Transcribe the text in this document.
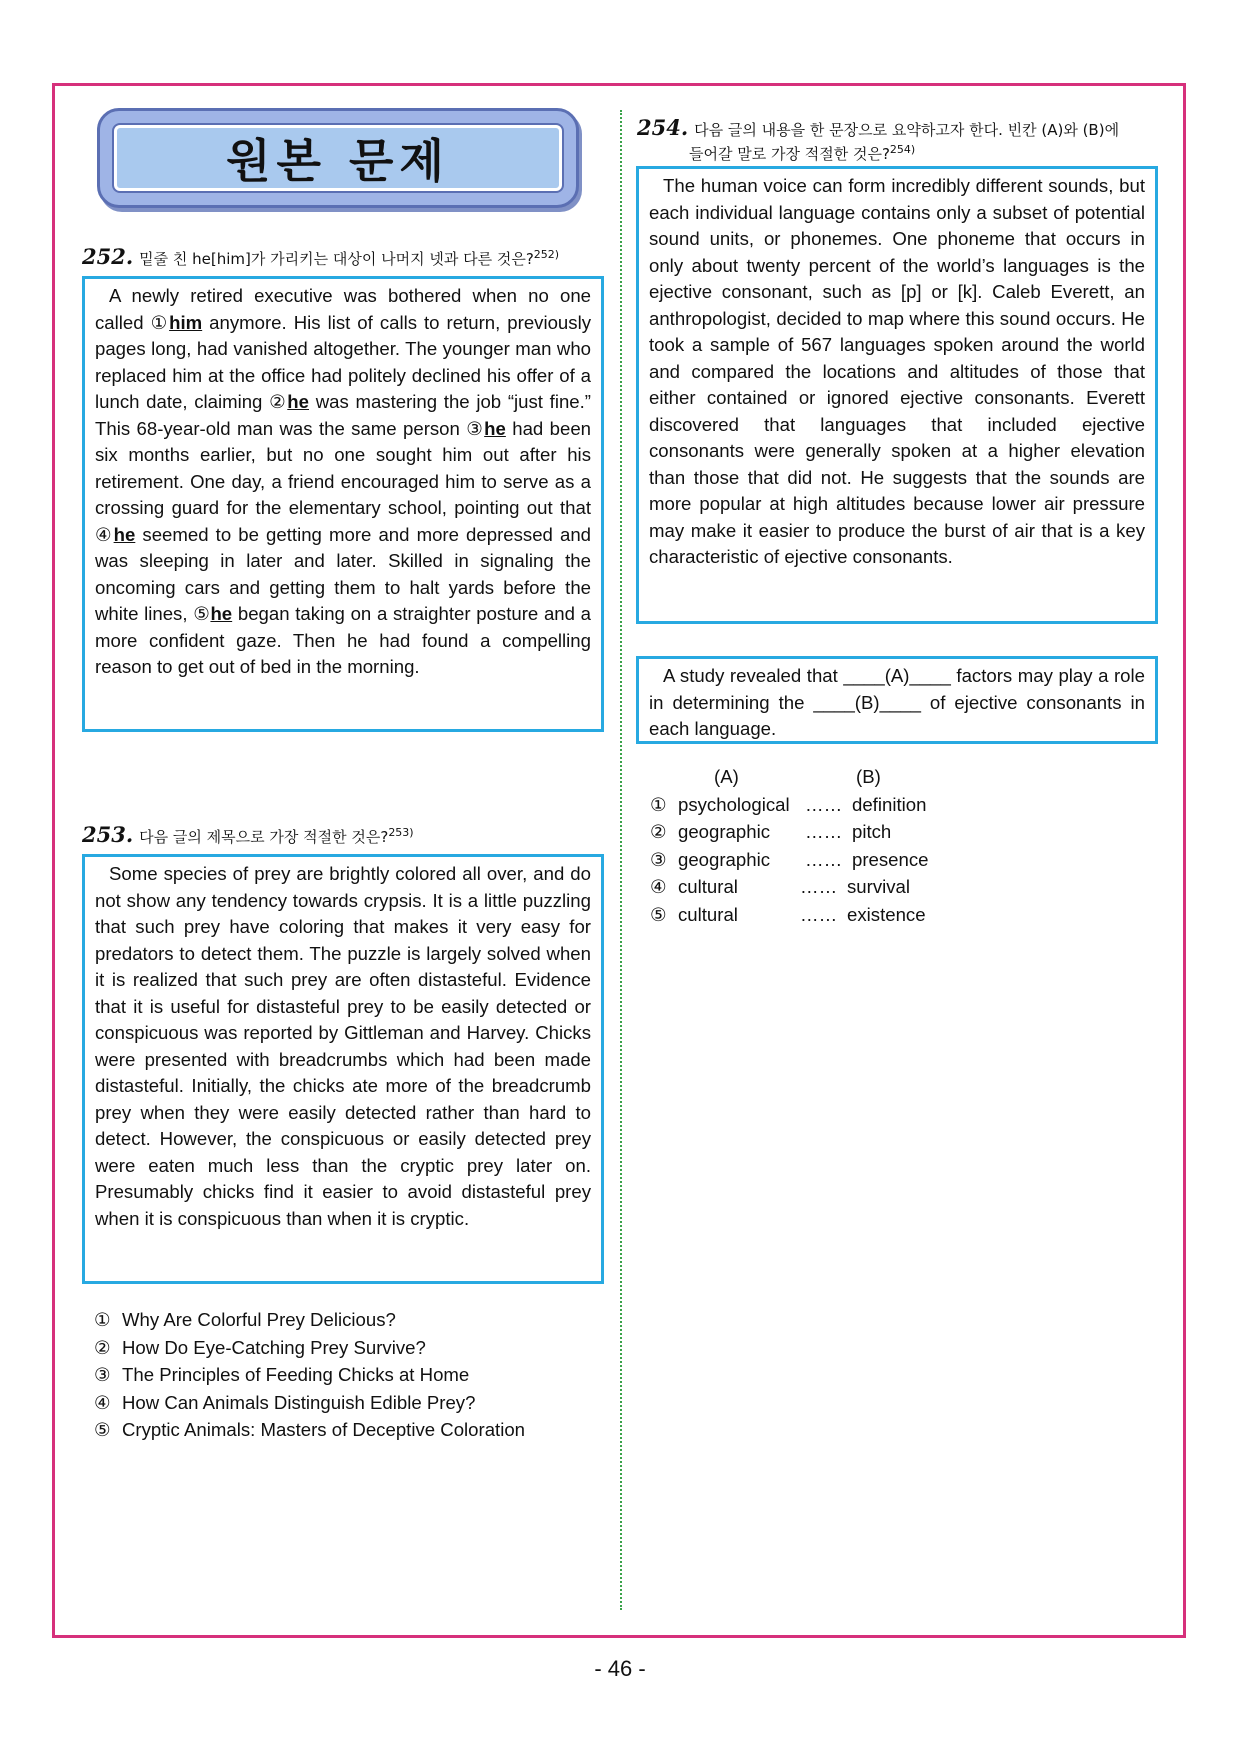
원본 문제
252. 밑줄 친 he[him]가 가리키는 대상이 나머지 넷과 다른 것은?$^{252)}$

A newly retired executive was bothered when no one called ①him anymore. His list of calls to return, previously pages long, had vanished altogether. The younger man who replaced him at the office had politely declined his offer of a lunch date, claiming ②he was mastering the job “just fine.” This 68-year-old man was the same person ③he had been six months earlier, but no one sought him out after his retirement. One day, a friend encouraged him to serve as a crossing guard for the elementary school, pointing out that ④he seemed to be getting more and more depressed and was sleeping in later and later. Skilled in signaling the oncoming cars and getting them to halt yards before the white lines, ⑤he began taking on a straighter posture and a more confident gaze. Then he had found a compelling reason to get out of bed in the morning.

253. 다음 글의 제목으로 가장 적절한 것은?$^{253)}$

Some species of prey are brightly colored all over, and do not show any tendency towards crypsis. It is a little puzzling that such prey have coloring that makes it very easy for predators to detect them. The puzzle is largely solved when it is realized that such prey are often distasteful. Evidence that it is useful for distasteful prey to be easily detected or conspicuous was reported by Gittleman and Harvey. Chicks were presented with breadcrumbs which had been made distasteful. Initially, the chicks ate more of the breadcrumb prey when they were easily detected rather than hard to detect. However, the conspicuous or easily detected prey were eaten much less than the cryptic prey later on. Presumably chicks find it easier to avoid distasteful prey when it is conspicuous than when it is cryptic.

① Why Are Colorful Prey Delicious?
② How Do Eye-Catching Prey Survive?
③ The Principles of Feeding Chicks at Home
④ How Can Animals Distinguish Edible Prey?
⑤ Cryptic Animals: Masters of Deceptive Coloration
254. 다음 글의 내용을 한 문장으로 요약하고자 한다. 빈칸 (A)와 (B)에
들어갈 말로 가장 적절한 것은?$^{254)}$

The human voice can form incredibly different sounds, but each individual language contains only a subset of potential sound units, or phonemes. One phoneme that occurs in only about twenty percent of the world’s languages is the ejective consonant, such as [p] or [k]. Caleb Everett, an anthropologist, decided to map where this sound occurs. He took a sample of 567 languages spoken around the world and compared the locations and altitudes of those that either contained or ignored ejective consonants. Everett discovered that languages that included ejective consonants were generally spoken at a higher elevation than those that did not. He suggests that the sounds are more popular at high altitudes because lower air pressure may make it easier to produce the burst of air that is a key characteristic of ejective consonants.

A study revealed that ____(A)____ factors may play a role in determining the ____(B)____ of ejective consonants in each language.

(A)	(B)
① psychological …… definition
② geographic …… pitch
③ geographic …… presence
④ cultural	…… survival
⑤ cultural	…… existence
- 46 -
